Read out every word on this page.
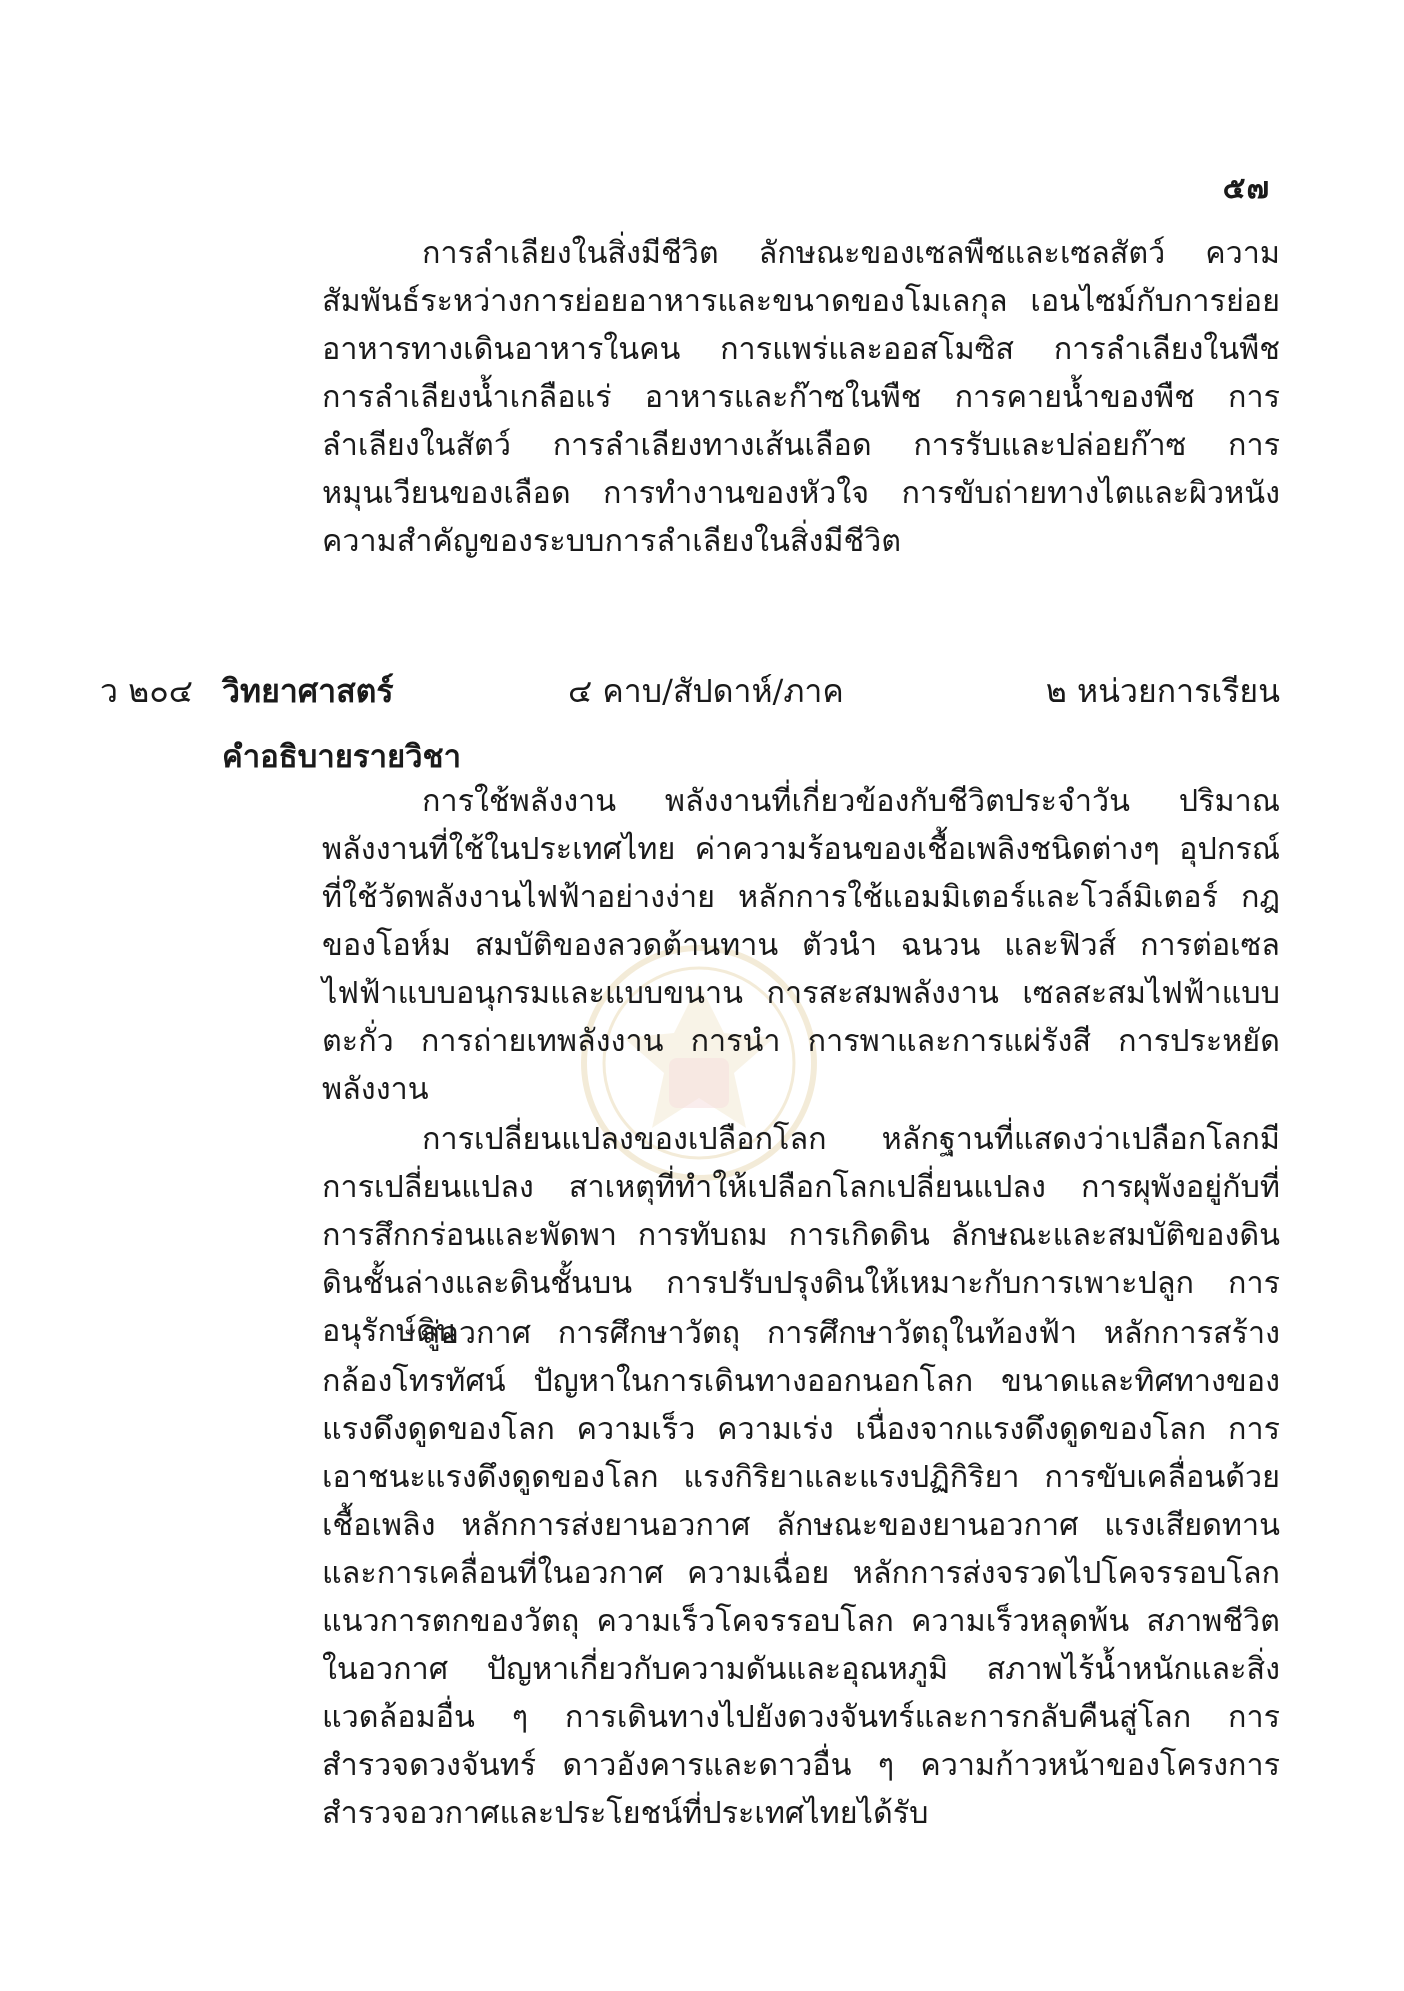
๕๗

การลำเลียงในสิ่งมีชีวิต ลักษณะของเซลพืชและเซลสัตว์ ความสัมพันธ์ระหว่างการย่อยอาหารและขนาดของโมเลกุล เอนไซม์กับการย่อยอาหารทางเดินอาหารในคน การแพร่และออสโมซิส การลำเลียงในพืช การลำเลียงน้ำเกลือแร่ อาหารและก๊าซในพืช การคายน้ำของพืช การลำเลียงในสัตว์ การลำเลียงทางเส้นเลือด การรับและปล่อยก๊าซ การหมุนเวียนของเลือด การทำงานของหัวใจ การขับถ่ายทางไตและผิวหนัง ความสำคัญของระบบการลำเลียงในสิ่งมีชีวิต

ว ๒๐๔ วิทยาศาสตร์	๔ คาบ/สัปดาห์/ภาค	๒ หน่วยการเรียน
คำอธิบายรายวิชา

การใช้พลังงาน พลังงานที่เกี่ยวข้องกับชีวิตประจำวัน ปริมาณพลังงานที่ใช้ในประเทศไทย ค่าความร้อนของเชื้อเพลิงชนิดต่างๆ อุปกรณ์ที่ใช้วัดพลังงานไฟฟ้าอย่างง่าย หลักการใช้แอมมิเตอร์และโวล์มิเตอร์ กฎของโอห์ม สมบัติของลวดต้านทาน ตัวนำ ฉนวน และฟิวส์ การต่อเซลไฟฟ้าแบบอนุกรมและแบบขนาน การสะสมพลังงาน เซลสะสมไฟฟ้าแบบตะกั่ว การถ่ายเทพลังงาน การนำ การพาและการแผ่รังสี การประหยัดพลังงาน

การเปลี่ยนแปลงของเปลือกโลก หลักฐานที่แสดงว่าเปลือกโลกมีการเปลี่ยนแปลง สาเหตุที่ทำให้เปลือกโลกเปลี่ยนแปลง การผุพังอยู่กับที่ การสึกกร่อนและพัดพา การทับถม การเกิดดิน ลักษณะและสมบัติของดิน ดินชั้นล่างและดินชั้นบน การปรับปรุงดินให้เหมาะกับการเพาะปลูก การอนุรักษ์ดิน

สู่อวกาศ การศึกษาวัตถุ การศึกษาวัตถุในท้องฟ้า หลักการสร้างกล้องโทรทัศน์ ปัญหาในการเดินทางออกนอกโลก ขนาดและทิศทางของแรงดึงดูดของโลก ความเร็ว ความเร่ง เนื่องจากแรงดึงดูดของโลก การเอาชนะแรงดึงดูดของโลก แรงกิริยาและแรงปฏิกิริยา การขับเคลื่อนด้วยเชื้อเพลิง หลักการส่งยานอวกาศ ลักษณะของยานอวกาศ แรงเสียดทานและการเคลื่อนที่ในอวกาศ ความเฉื่อย หลักการส่งจรวดไปโคจรรอบโลก แนวการตกของวัตถุ ความเร็วโคจรรอบโลก ความเร็วหลุดพ้น สภาพชีวิตในอวกาศ ปัญหาเกี่ยวกับความดันและอุณหภูมิ สภาพไร้น้ำหนักและสิ่งแวดล้อมอื่น ๆ การเดินทางไปยังดวงจันทร์และการกลับคืนสู่โลก การสำรวจดวงจันทร์ ดาวอังคารและดาวอื่น ๆ ความก้าวหน้าของโครงการสำรวจอวกาศและประโยชน์ที่ประเทศไทยได้รับ
